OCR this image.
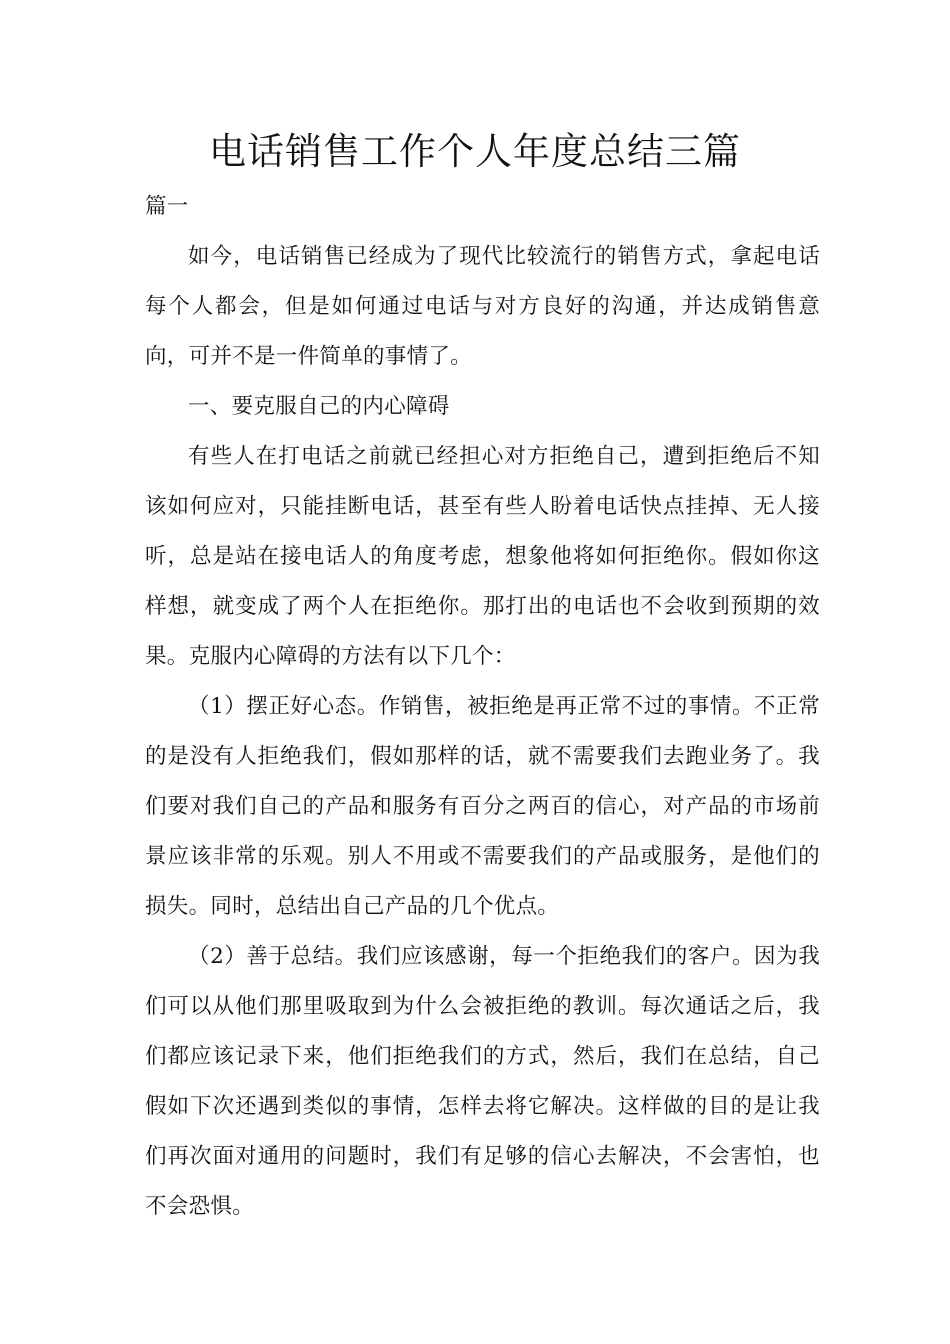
电话销售工作个人年度总结三篇

篇一

如今，电话销售已经成为了现代比较流行的销售方式，拿起电话每个人都会，但是如何通过电话与对方良好的沟通，并达成销售意向，可并不是一件简单的事情了。

一、要克服自己的内心障碍

有些人在打电话之前就已经担心对方拒绝自己，遭到拒绝后不知该如何应对，只能挂断电话，甚至有些人盼着电话快点挂掉、无人接听，总是站在接电话人的角度考虑，想象他将如何拒绝你。假如你这样想，就变成了两个人在拒绝你。那打出的电话也不会收到预期的效果。克服内心障碍的方法有以下几个：

（1）摆正好心态。作销售，被拒绝是再正常不过的事情。不正常的是没有人拒绝我们，假如那样的话，就不需要我们去跑业务了。我们要对我们自己的产品和服务有百分之两百的信心，对产品的市场前景应该非常的乐观。别人不用或不需要我们的产品或服务，是他们的损失。同时，总结出自己产品的几个优点。

（2）善于总结。我们应该感谢，每一个拒绝我们的客户。因为我们可以从他们那里吸取到为什么会被拒绝的教训。每次通话之后，我们都应该记录下来，他们拒绝我们的方式，然后，我们在总结，自己假如下次还遇到类似的事情，怎样去将它解决。这样做的目的是让我们再次面对通用的问题时，我们有足够的信心去解决，不会害怕，也不会恐惧。
